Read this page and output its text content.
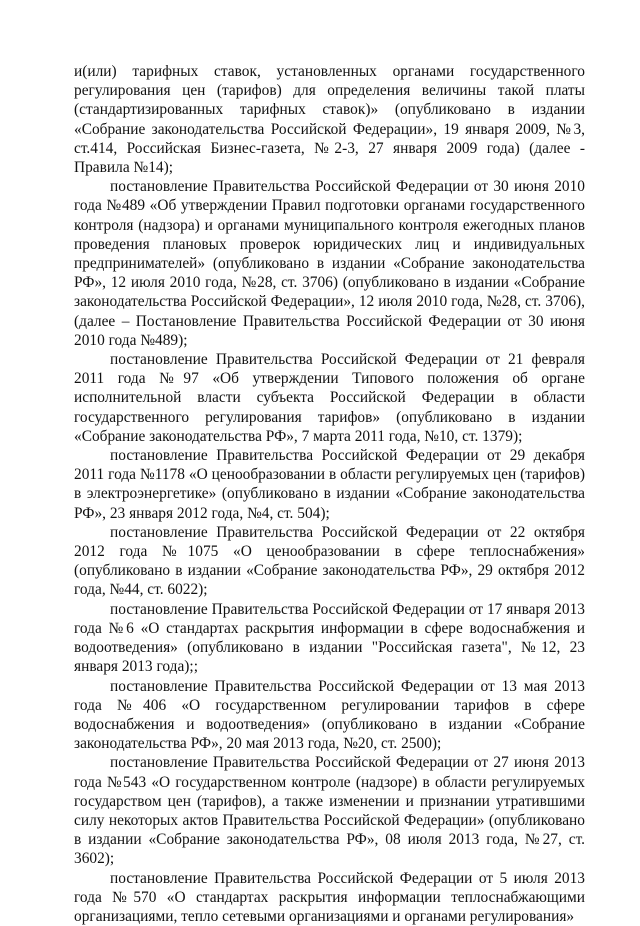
и(или) тарифных ставок, установленных органами государственного регулирования цен (тарифов) для определения величины такой платы (стандартизированных тарифных ставок)» (опубликовано в издании «Собрание законодательства Российской Федерации», 19 января 2009, №3, ст.414, Российская Бизнес-газета, №2-3, 27 января 2009 года) (далее - Правила №14);

постановление Правительства Российской Федерации от 30 июня 2010 года №489 «Об утверждении Правил подготовки органами государственного контроля (надзора) и органами муниципального контроля ежегодных планов проведения плановых проверок юридических лиц и индивидуальных предпринимателей» (опубликовано в издании «Собрание законодательства РФ», 12 июля 2010 года, №28, ст. 3706) (опубликовано в издании «Собрание законодательства Российской Федерации», 12 июля 2010 года, №28, ст. 3706), (далее – Постановление Правительства Российской Федерации от 30 июня 2010 года №489);

постановление Правительства Российской Федерации от 21 февраля 2011 года №97 «Об утверждении Типового положения об органе исполнительной власти субъекта Российской Федерации в области государственного регулирования тарифов» (опубликовано в издании «Собрание законодательства РФ», 7 марта 2011 года, №10, ст. 1379);

постановление Правительства Российской Федерации от 29 декабря 2011 года №1178 «О ценообразовании в области регулируемых цен (тарифов) в электроэнергетике» (опубликовано в издании «Собрание законодательства РФ», 23 января 2012 года, №4, ст. 504);

постановление Правительства Российской Федерации от 22 октября 2012 года №1075 «О ценообразовании в сфере теплоснабжения» (опубликовано в издании «Собрание законодательства РФ», 29 октября 2012 года, №44, ст. 6022);

постановление Правительства Российской Федерации от 17 января 2013 года №6 «О стандартах раскрытия информации в сфере водоснабжения и водоотведения» (опубликовано в издании "Российская газета", №12, 23 января 2013 года);;

постановление Правительства Российской Федерации от 13 мая 2013 года №406 «О государственном регулировании тарифов в сфере водоснабжения и водоотведения» (опубликовано в издании «Собрание законодательства РФ», 20 мая 2013 года, №20, ст. 2500);

постановление Правительства Российской Федерации от 27 июня 2013 года №543 «О государственном контроле (надзоре) в области регулируемых государством цен (тарифов), а также изменении и признании утратившими силу некоторых актов Правительства Российской Федерации» (опубликовано в издании «Собрание законодательства РФ», 08 июля 2013 года, №27, ст. 3602);

постановление Правительства Российской Федерации от 5 июля 2013 года №570 «О стандартах раскрытия информации теплоснабжающими организациями, тепло сетевыми организациями и органами регулирования»
